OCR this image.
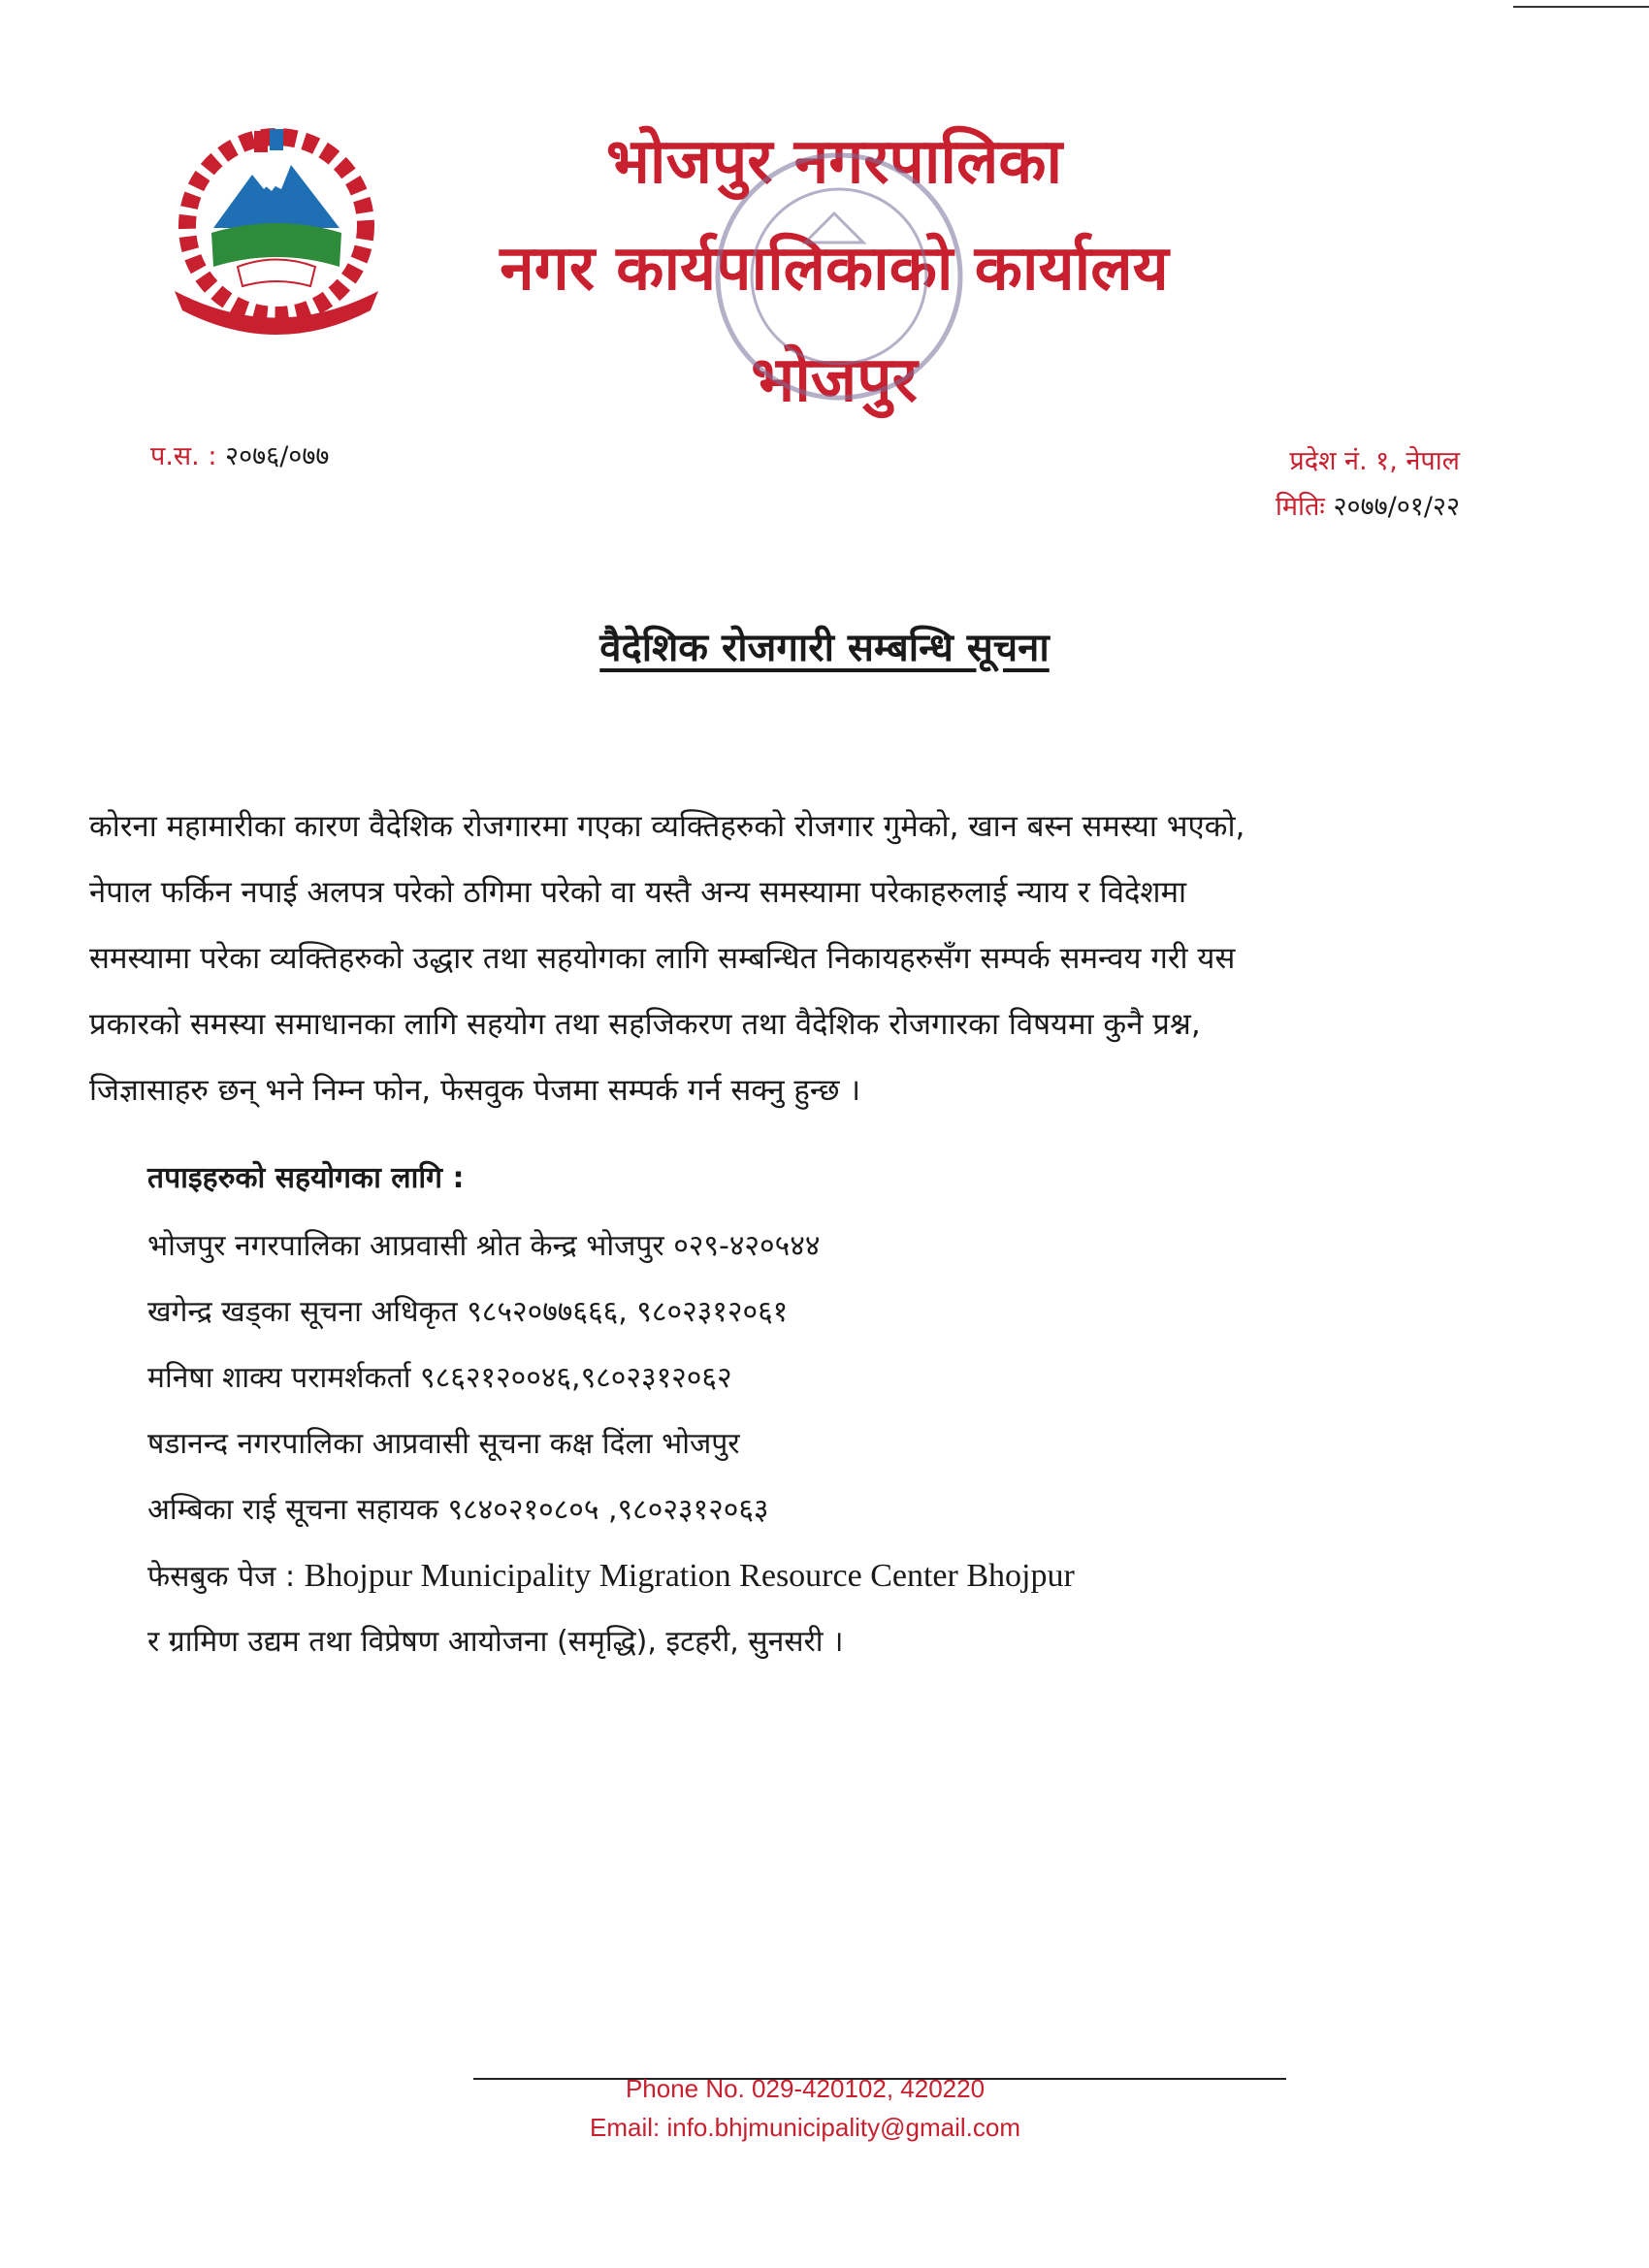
भोजपुर नगरपालिका
नगर कार्यपालिकाको कार्यालय
भोजपुर
प.स. : २०७६/०७७	प्रदेश नं. १, नेपाल
मितिः २०७७/०१/२२
वैदेशिक रोजगारी सम्बन्धि सूचना
कोरना महामारीका कारण वैदेशिक रोजगारमा गएका व्यक्तिहरुको रोजगार गुमेको, खान बस्न समस्या भएको,
नेपाल फर्किन नपाई अलपत्र परेको ठगिमा परेको वा यस्तै अन्य समस्यामा परेकाहरुलाई न्याय र विदेशमा
समस्यामा परेका व्यक्तिहरुको उद्धार तथा सहयोगका लागि सम्बन्धित निकायहरुसँग सम्पर्क समन्वय गरी यस
प्रकारको समस्या समाधानका लागि सहयोग तथा सहजिकरण तथा वैदेशिक रोजगारका विषयमा कुनै प्रश्न,
जिज्ञासाहरु छन् भने निम्न फोन, फेसवुक पेजमा सम्पर्क गर्न सक्नु हुन्छ ।
तपाइहरुको सहयोगका लागि :
भोजपुर नगरपालिका आप्रवासी श्रोत केन्द्र भोजपुर ०२९-४२०५४४
खगेन्द्र खड्का सूचना अधिकृत ९८५२०७७६६६, ९८०२३१२०६१
मनिषा शाक्य परामर्शकर्ता ९८६२१२००४६,९८०२३१२०६२
षडानन्द नगरपालिका आप्रवासी सूचना कक्ष दिंला भोजपुर
अम्बिका राई सूचना सहायक ९८४०२१०८०५ ,९८०२३१२०६३
फेसबुक पेज : Bhojpur Municipality Migration Resource Center Bhojpur
र ग्रामिण उद्यम तथा विप्रेषण आयोजना (समृद्धि), इटहरी, सुनसरी ।
Phone No. 029-420102, 420220
Email: info.bhjmunicipality@gmail.com
